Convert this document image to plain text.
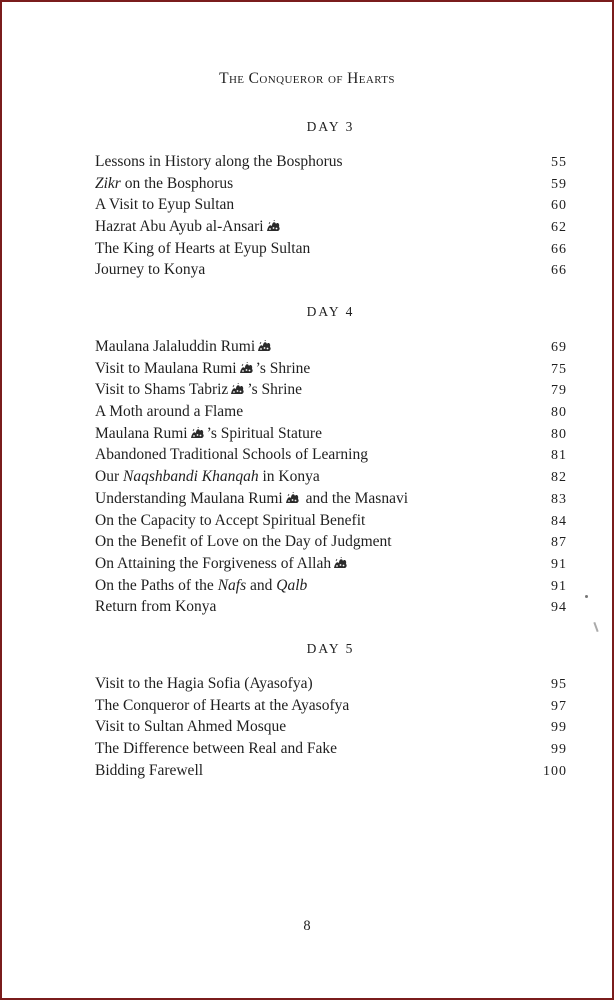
The Conqueror of Hearts
DAY 3
Lessons in History along the Bosphorus	55
Zikr on the Bosphorus	59
A Visit to Eyup Sultan	60
Hazrat Abu Ayub al-Ansari	62
The King of Hearts at Eyup Sultan	66
Journey to Konya	66
DAY 4
Maulana Jalaluddin Rumi	69
Visit to Maulana Rumi ’s Shrine	75
Visit to Shams Tabriz ’s Shrine	79
A Moth around a Flame	80
Maulana Rumi ’s Spiritual Stature	80
Abandoned Traditional Schools of Learning	81
Our Naqshbandi Khanqah in Konya	82
Understanding Maulana Rumi and the Masnavi	83
On the Capacity to Accept Spiritual Benefit	84
On the Benefit of Love on the Day of Judgment	87
On Attaining the Forgiveness of Allah	91
On the Paths of the Nafs and Qalb	91
Return from Konya	94
DAY 5
Visit to the Hagia Sofia (Ayasofya)	95
The Conqueror of Hearts at the Ayasofya	97
Visit to Sultan Ahmed Mosque	99
The Difference between Real and Fake	99
Bidding Farewell	100
8
